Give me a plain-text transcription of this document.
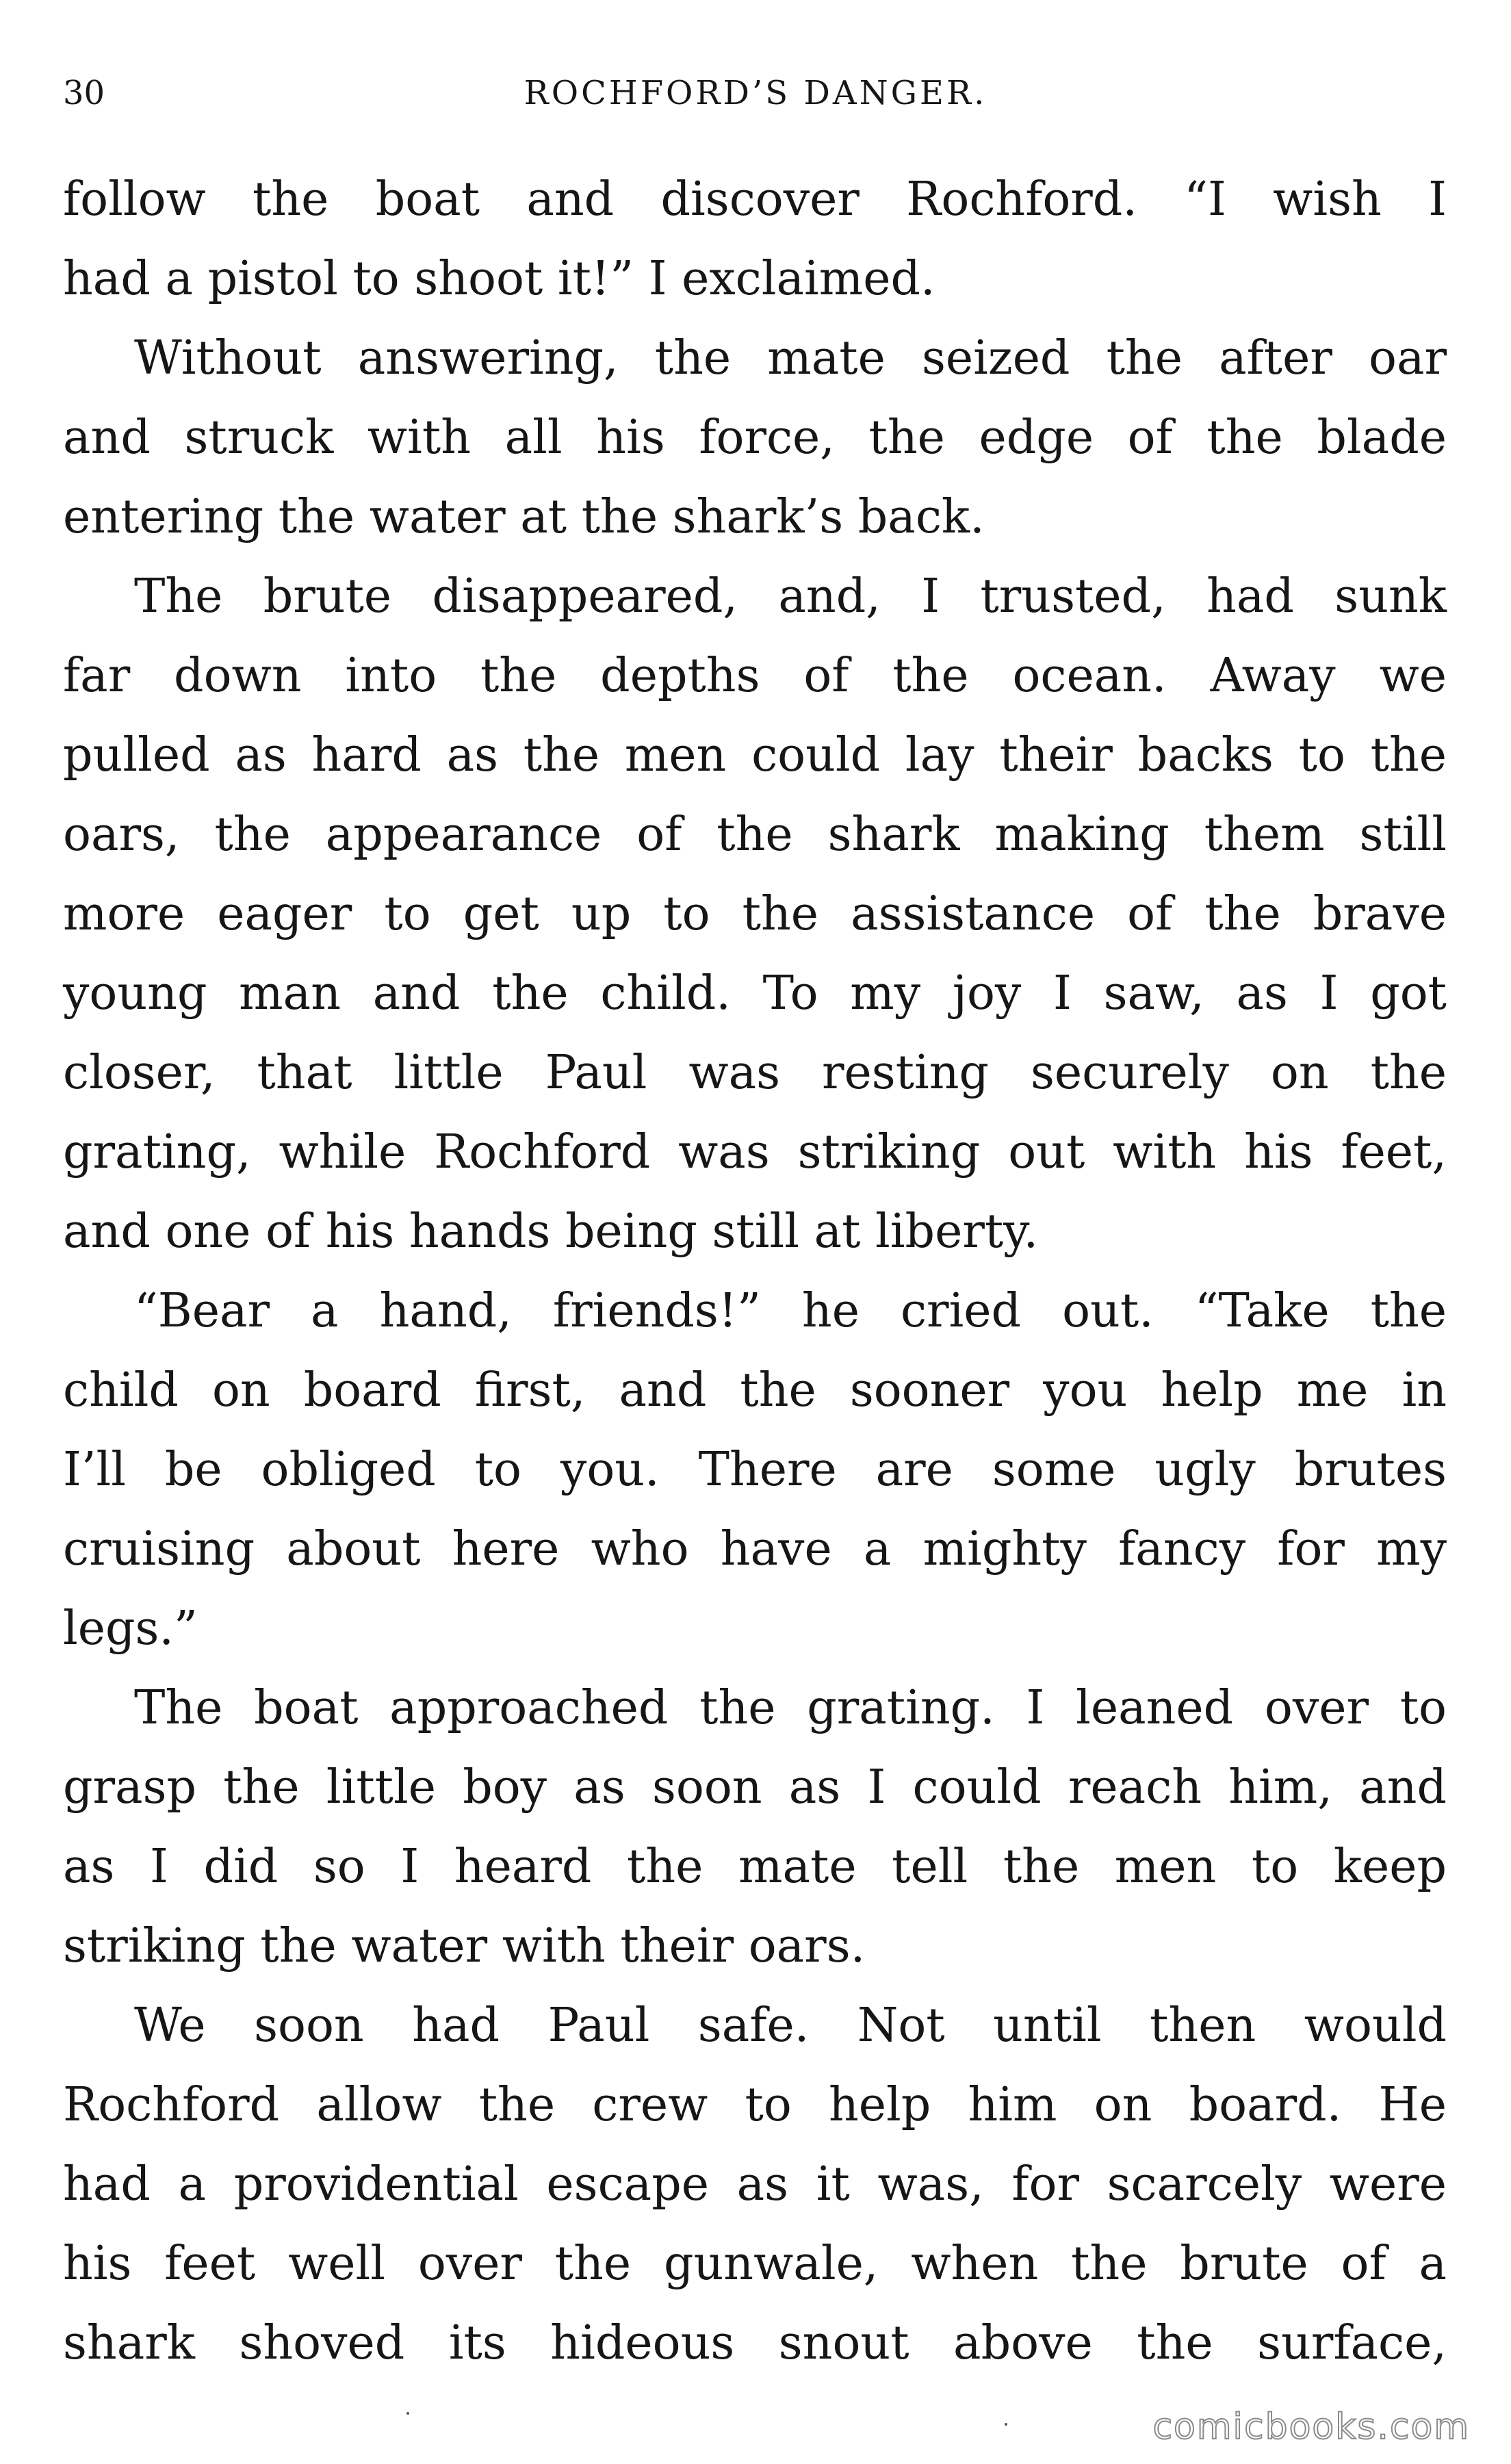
30	ROCHFORD’S DANGER.
follow the boat and discover Rochford. “I wish I
had a pistol to shoot it!” I exclaimed.
Without answering, the mate seized the after oar
and struck with all his force, the edge of the blade
entering the water at the shark’s back.
The brute disappeared, and, I trusted, had sunk
far down into the depths of the ocean. Away we
pulled as hard as the men could lay their backs to the
oars, the appearance of the shark making them still
more eager to get up to the assistance of the brave
young man and the child. To my joy I saw, as I got
closer, that little Paul was resting securely on the
grating, while Rochford was striking out with his feet,
and one of his hands being still at liberty.
“Bear a hand, friends!” he cried out. “Take the
child on board first, and the sooner you help me in
I’ll be obliged to you. There are some ugly brutes
cruising about here who have a mighty fancy for my
legs.”
The boat approached the grating. I leaned over to
grasp the little boy as soon as I could reach him, and
as I did so I heard the mate tell the men to keep
striking the water with their oars.
We soon had Paul safe. Not until then would
Rochford allow the crew to help him on board. He
had a providential escape as it was, for scarcely were
his feet well over the gunwale, when the brute of a
shark shoved its hideous snout above the surface,
comicbooks.com
